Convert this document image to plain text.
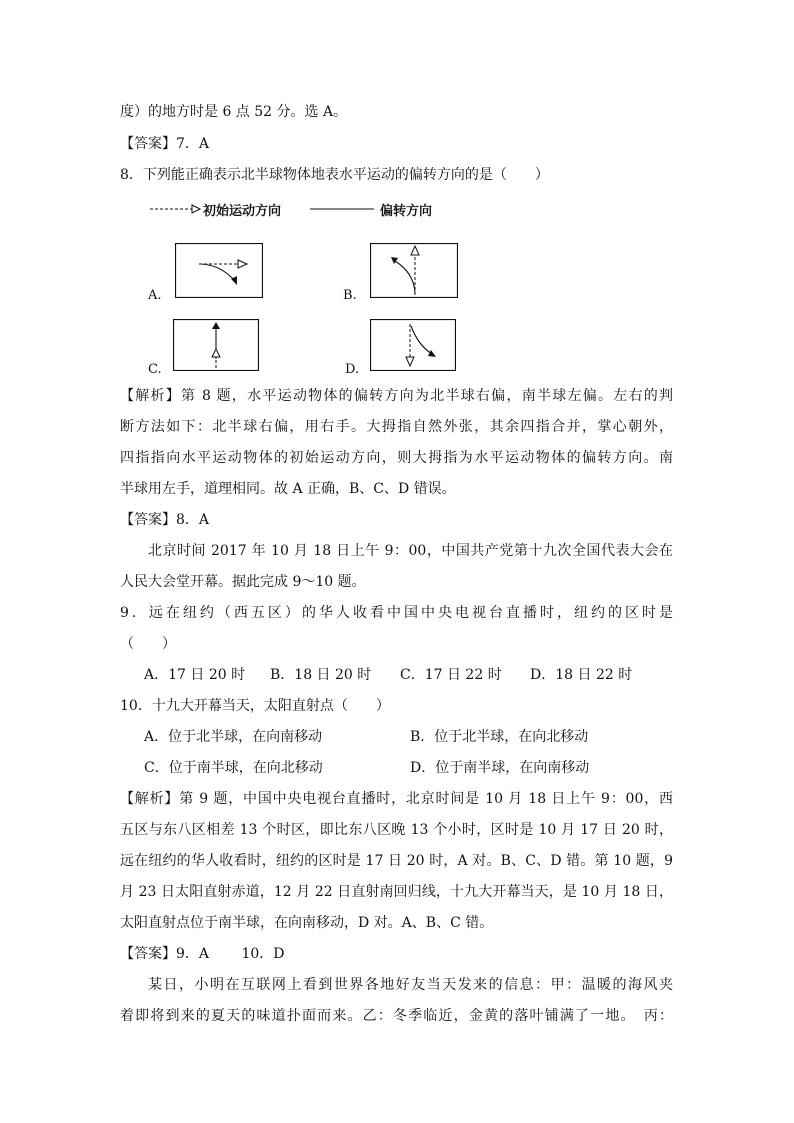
度）的地方时是 6 点 52 分。选 A。
【答案】7．A
8．下列能正确表示北半球物体地表水平运动的偏转方向的是（　　）
初始运动方向	偏转方向
A.	B.
C.	D.
【解析】第 8 题，水平运动物体的偏转方向为北半球右偏，南半球左偏。左右的判
断方法如下：北半球右偏，用右手。大拇指自然外张，其余四指合并，掌心朝外，
四指指向水平运动物体的初始运动方向，则大拇指为水平运动物体的偏转方向。南
半球用左手，道理相同。故 A 正确，B、C、D 错误。
【答案】8．A
北京时间 2017 年 10 月 18 日上午 9：00，中国共产党第十九次全国代表大会在
人民大会堂开幕。据此完成 9～10 题。
9．远在纽约（西五区）的华人收看中国中央电视台直播时，纽约的区时是
（　　）
A．17 日 20 时 B．18 日 20 时 C．17 日 22 时 D．18 日 22 时
10．十九大开幕当天，太阳直射点（　　）
A．位于北半球，在向南移动	B．位于北半球，在向北移动
C．位于南半球，在向北移动	D．位于南半球，在向南移动
【解析】第 9 题，中国中央电视台直播时，北京时间是 10 月 18 日上午 9：00，西
五区与东八区相差 13 个时区，即比东八区晚 13 个小时，区时是 10 月 17 日 20 时，
远在纽约的华人收看时，纽约的区时是 17 日 20 时，A 对。B、C、D 错。第 10 题，9
月 23 日太阳直射赤道，12 月 22 日直射南回归线，十九大开幕当天，是 10 月 18 日，
太阳直射点位于南半球，在向南移动，D 对。A、B、C 错。
【答案】9．A　　 10．D
某日，小明在互联网上看到世界各地好友当天发来的信息：甲：温暖的海风夹
着即将到来的夏天的味道扑面而来。乙：冬季临近，金黄的落叶铺满了一地。　丙：
